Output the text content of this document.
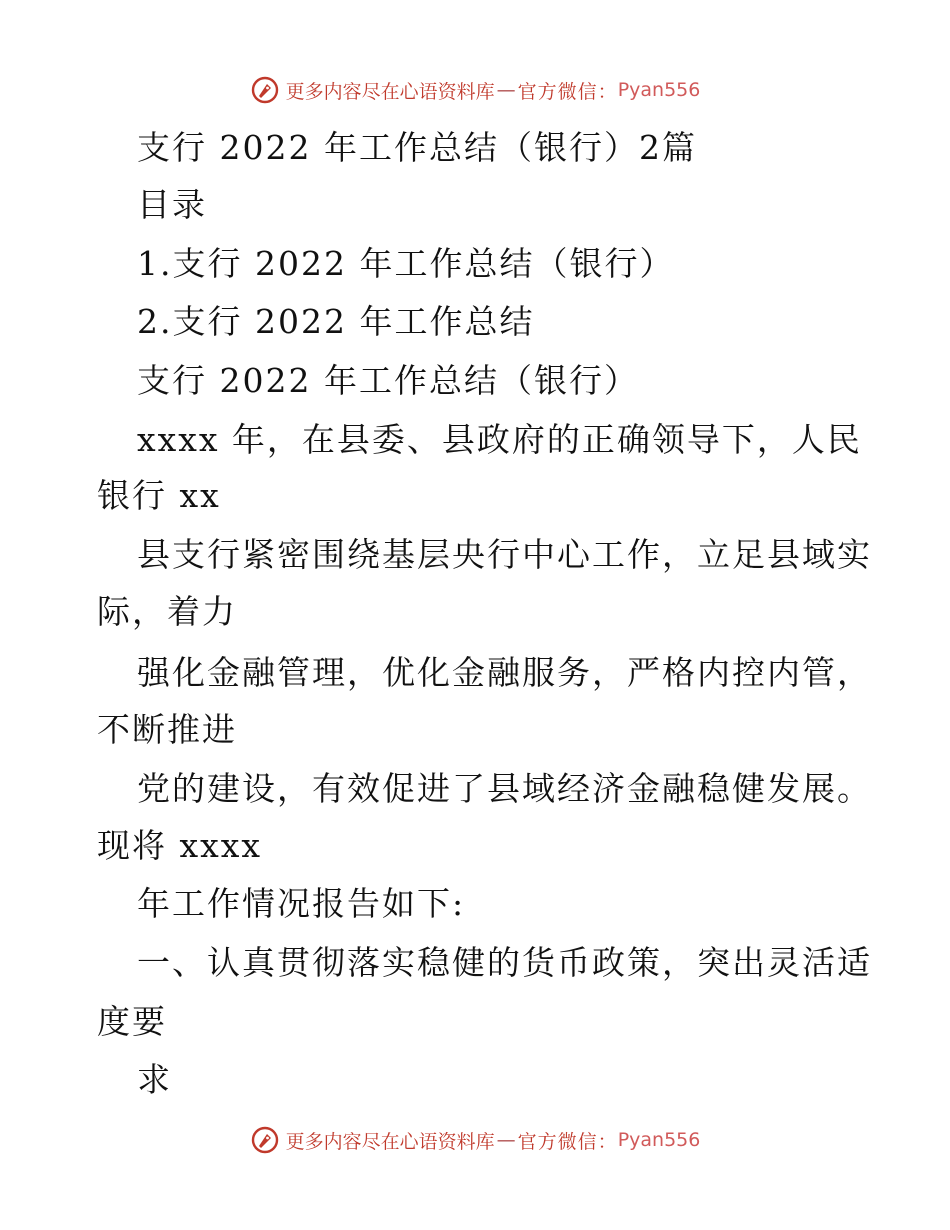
更多内容尽在心语资料库 — 官方微信： Pyan556
支行 2022 年工作总结（银行）2篇
目录
1.支行 2022 年工作总结（银行）
2.支行 2022 年工作总结
支行 2022 年工作总结（银行）
xxxx 年，在县委、县政府的正确领导下，人民
银行 xx
县支行紧密围绕基层央行中心工作，立足县域实
际，着力
强化金融管理，优化金融服务，严格内控内管，
不断推进
党的建设，有效促进了县域经济金融稳健发展。
现将 xxxx
年工作情况报告如下:
一、认真贯彻落实稳健的货币政策，突出灵活适
度要
求
更多内容尽在心语资料库 — 官方微信： Pyan556
